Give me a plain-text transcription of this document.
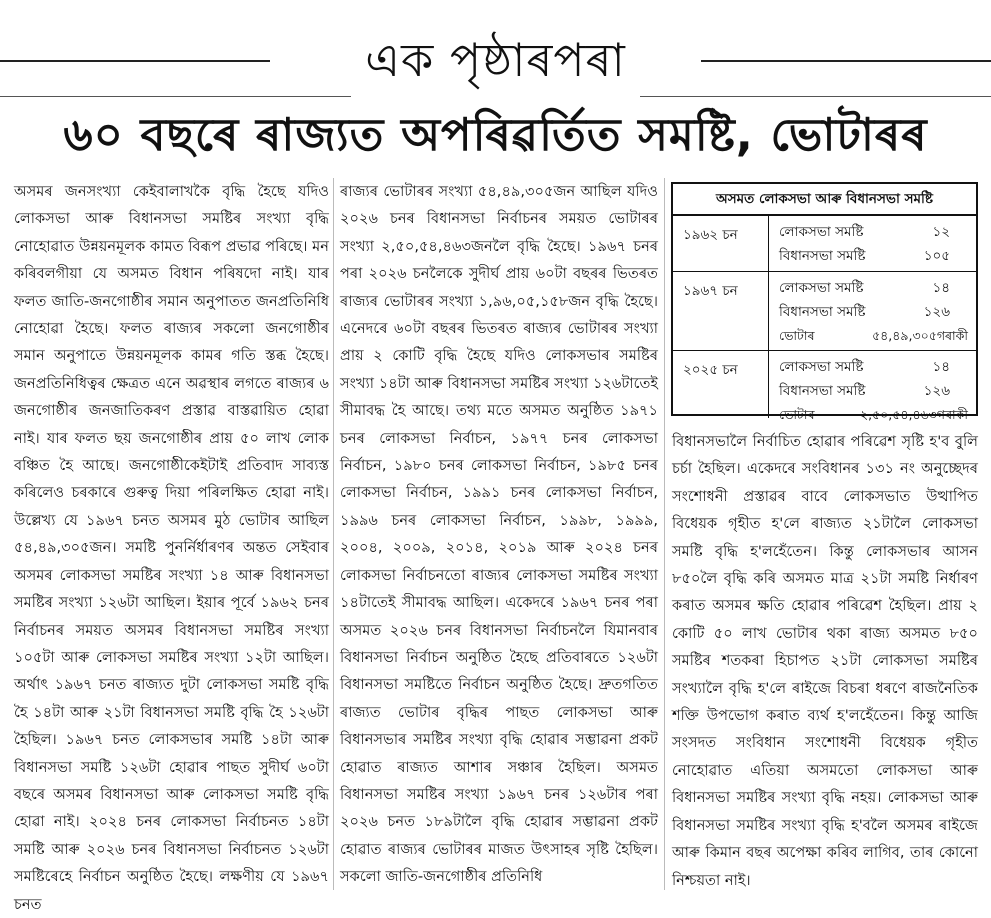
এক পৃষ্ঠাৰপৰা
৬০ বছৰে ৰাজ্যত অপৰিৱৰ্তিত সমষ্টি, ভোটাৰৰ

অসমৰ জনসংখ্যা কেইবালাখকৈ বৃদ্ধি হৈছে যদিও লোকসভা আৰু বিধানসভা সমষ্টিৰ সংখ্যা বৃদ্ধি নোহোৱাত উন্নয়নমূলক কামত বিৰূপ প্ৰভাৱ পৰিছে। মন কৰিবলগীয়া যে অসমত বিধান পৰিষদো নাই। যাৰ ফলত জাতি-জনগোষ্ঠীৰ সমান অনুপাতত জনপ্ৰতিনিধি নোহোৱা হৈছে। ফলত ৰাজ্যৰ সকলো জনগোষ্ঠীৰ সমান অনুপাতে উন্নয়নমূলক কামৰ গতি স্তব্ধ হৈছে। জনপ্ৰতিনিধিত্বৰ ক্ষেত্ৰত এনে অৱস্থাৰ লগতে ৰাজ্যৰ ৬ জনগোষ্ঠীৰ জনজাতিকৰণ প্ৰস্তাৱ বাস্তৱায়িত হোৱা নাই। যাৰ ফলত ছয় জনগোষ্ঠীৰ প্ৰায় ৫০ লাখ লোক বঞ্চিত হৈ আছে। জনগোষ্ঠীকেইটাই প্ৰতিবাদ সাব্যস্ত কৰিলেও চৰকাৰে গুৰুত্ব দিয়া পৰিলক্ষিত হোৱা নাই। উল্লেখ্য যে ১৯৬৭ চনত অসমৰ মুঠ ভোটাৰ আছিল ৫৪,৪৯,৩০৫জন। সমষ্টি পুনৰ্নিৰ্ধাৰণৰ অন্তত সেইবাৰ অসমৰ লোকসভা সমষ্টিৰ সংখ্যা ১৪ আৰু বিধানসভা সমষ্টিৰ সংখ্যা ১২৬টা আছিল। ইয়াৰ পূৰ্বে ১৯৬২ চনৰ নিৰ্বাচনৰ সময়ত অসমৰ বিধানসভা সমষ্টিৰ সংখ্যা ১০৫টা আৰু লোকসভা সমষ্টিৰ সংখ্যা ১২টা আছিল। অৰ্থাৎ ১৯৬৭ চনত ৰাজ্যত দুটা লোকসভা সমষ্টি বৃদ্ধি হৈ ১৪টা আৰু ২১টা বিধানসভা সমষ্টি বৃদ্ধি হৈ ১২৬টা হৈছিল। ১৯৬৭ চনত লোকসভাৰ সমষ্টি ১৪টা আৰু বিধানসভা সমষ্টি ১২৬টা হোৱাৰ পাছত সুদীৰ্ঘ ৬০টা বছৰে অসমৰ বিধানসভা আৰু লোকসভা সমষ্টি বৃদ্ধি হোৱা নাই। ২০২৪ চনৰ লোকসভা নিৰ্বাচনত ১৪টা সমষ্টি আৰু ২০২৬ চনৰ বিধানসভা নিৰ্বাচনত ১২৬টা সমষ্টিৰেহে নিৰ্বাচন অনুষ্ঠিত হৈছে। লক্ষণীয় যে ১৯৬৭ চনত

ৰাজ্যৰ ভোটাৰৰ সংখ্যা ৫৪,৪৯,৩০৫জন আছিল যদিও ২০২৬ চনৰ বিধানসভা নিৰ্বাচনৰ সময়ত ভোটাৰৰ সংখ্যা ২,৫০,৫৪,৪৬৩জনলৈ বৃদ্ধি হৈছে। ১৯৬৭ চনৰ পৰা ২০২৬ চনলৈকে সুদীৰ্ঘ প্ৰায় ৬০টা বছৰৰ ভিতৰত ৰাজ্যৰ ভোটাৰৰ সংখ্যা ১,৯৬,০৫,১৫৮জন বৃদ্ধি হৈছে। এনেদৰে ৬০টা বছৰৰ ভিতৰত ৰাজ্যৰ ভোটাৰৰ সংখ্যা প্ৰায় ২ কোটি বৃদ্ধি হৈছে যদিও লোকসভাৰ সমষ্টিৰ সংখ্যা ১৪টা আৰু বিধানসভা সমষ্টিৰ সংখ্যা ১২৬টাতেই সীমাবদ্ধ হৈ আছে। তথ্য মতে অসমত অনুষ্ঠিত ১৯৭১ চনৰ লোকসভা নিৰ্বাচন, ১৯৭৭ চনৰ লোকসভা নিৰ্বাচন, ১৯৮০ চনৰ লোকসভা নিৰ্বাচন, ১৯৮৫ চনৰ লোকসভা নিৰ্বাচন, ১৯৯১ চনৰ লোকসভা নিৰ্বাচন, ১৯৯৬ চনৰ লোকসভা নিৰ্বাচন, ১৯৯৮, ১৯৯৯, ২০০৪, ২০০৯, ২০১৪, ২০১৯ আৰু ২০২৪ চনৰ লোকসভা নিৰ্বাচনতো ৰাজ্যৰ লোকসভা সমষ্টিৰ সংখ্যা ১৪টাতেই সীমাবদ্ধ আছিল। একেদৰে ১৯৬৭ চনৰ পৰা অসমত ২০২৬ চনৰ বিধানসভা নিৰ্বাচনলৈ যিমানবাৰ বিধানসভা নিৰ্বাচন অনুষ্ঠিত হৈছে প্ৰতিবাৰতে ১২৬টা বিধানসভা সমষ্টিতে নিৰ্বাচন অনুষ্ঠিত হৈছে। দ্ৰুতগতিত ৰাজ্যত ভোটাৰ বৃদ্ধিৰ পাছত লোকসভা আৰু বিধানসভাৰ সমষ্টিৰ সংখ্যা বৃদ্ধি হোৱাৰ সম্ভাৱনা প্ৰকট হোৱাত ৰাজ্যত আশাৰ সঞ্চাৰ হৈছিল। অসমত বিধানসভা সমষ্টিৰ সংখ্যা ১৯৬৭ চনৰ ১২৬টাৰ পৰা ২০২৬ চনত ১৮৯টালৈ বৃদ্ধি হোৱাৰ সম্ভাৱনা প্ৰকট হোৱাত ৰাজ্যৰ ভোটাৰৰ মাজত উৎসাহৰ সৃষ্টি হৈছিল। সকলো জাতি-জনগোষ্ঠীৰ প্ৰতিনিধি

অসমত লোকসভা আৰু বিধানসভা সমষ্টি
১৯৬২ চন	লোকসভা সমষ্টি	১২
বিধানসভা সমষ্টি	১০৫
১৯৬৭ চন	লোকসভা সমষ্টি	১৪
বিধানসভা সমষ্টি	১২৬
ভোটাৰ	৫৪,৪৯,৩০৫গৰাকী
২০২৫ চন	লোকসভা সমষ্টি	১৪
বিধানসভা সমষ্টি	১২৬
ভোটাৰ	২,৫০,৫৪,৪৬৩গৰাকী

বিধানসভালৈ নিৰ্বাচিত হোৱাৰ পৰিৱেশ সৃষ্টি হ'ব বুলি চৰ্চা হৈছিল। একেদৰে সংবিধানৰ ১৩১ নং অনুচ্ছেদৰ সংশোধনী প্ৰস্তাৱৰ বাবে লোকসভাত উত্থাপিত বিধেয়ক গৃহীত হ'লে ৰাজ্যত ২১টালৈ লোকসভা সমষ্টি বৃদ্ধি হ'লহেঁতেন। কিন্তু লোকসভাৰ আসন ৮৫০লৈ বৃদ্ধি কৰি অসমত মাত্ৰ ২১টা সমষ্টি নিৰ্ধাৰণ কৰাত অসমৰ ক্ষতি হোৱাৰ পৰিৱেশ হৈছিল। প্ৰায় ২ কোটি ৫০ লাখ ভোটাৰ থকা ৰাজ্য অসমত ৮৫০ সমষ্টিৰ শতকৰা হিচাপত ২১টা লোকসভা সমষ্টিৰ সংখ্যালৈ বৃদ্ধি হ'লে ৰাইজে বিচৰা ধৰণে ৰাজনৈতিক শক্তি উপভোগ কৰাত ব্যৰ্থ হ'লহেঁতেন। কিন্তু আজি সংসদত সংবিধান সংশোধনী বিধেয়ক গৃহীত নোহোৱাত এতিয়া অসমতো লোকসভা আৰু বিধানসভা সমষ্টিৰ সংখ্যা বৃদ্ধি নহয়। লোকসভা আৰু বিধানসভা সমষ্টিৰ সংখ্যা বৃদ্ধি হ'বলৈ অসমৰ ৰাইজে আৰু কিমান বছৰ অপেক্ষা কৰিব লাগিব, তাৰ কোনো নিশ্চয়তা নাই।
